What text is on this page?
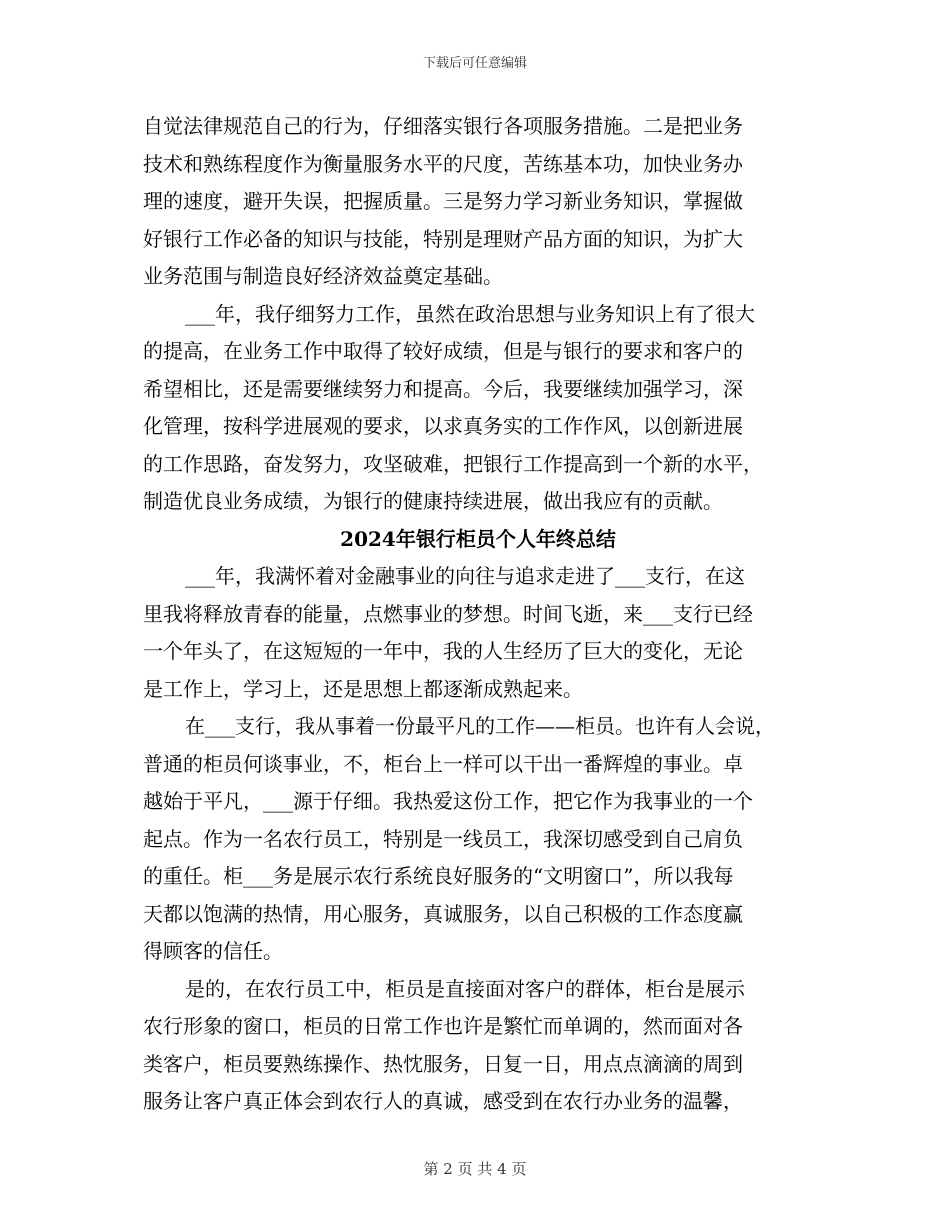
下载后可任意编辑
自觉法律规范自己的行为，仔细落实银行各项服务措施。二是把业务
技术和熟练程度作为衡量服务水平的尺度，苦练基本功，加快业务办
理的速度，避开失误，把握质量。三是努力学习新业务知识，掌握做
好银行工作必备的知识与技能，特别是理财产品方面的知识，为扩大
业务范围与制造良好经济效益奠定基础。
___年，我仔细努力工作，虽然在政治思想与业务知识上有了很大
的提高，在业务工作中取得了较好成绩，但是与银行的要求和客户的
希望相比，还是需要继续努力和提高。今后，我要继续加强学习，深
化管理，按科学进展观的要求，以求真务实的工作作风，以创新进展
的工作思路，奋发努力，攻坚破难，把银行工作提高到一个新的水平，
制造优良业务成绩，为银行的健康持续进展，做出我应有的贡献。
2024年银行柜员个人年终总结
___年，我满怀着对金融事业的向往与追求走进了___支行，在这
里我将释放青春的能量，点燃事业的梦想。时间飞逝，来___支行已经
一个年头了，在这短短的一年中，我的人生经历了巨大的变化，无论
是工作上，学习上，还是思想上都逐渐成熟起来。
在___支行，我从事着一份最平凡的工作——柜员。也许有人会说，
普通的柜员何谈事业，不，柜台上一样可以干出一番辉煌的事业。卓
越始于平凡，___源于仔细。我热爱这份工作，把它作为我事业的一个
起点。作为一名农行员工，特别是一线员工，我深切感受到自己肩负
的重任。柜___务是展示农行系统良好服务的“文明窗口”，所以我每
天都以饱满的热情，用心服务，真诚服务，以自己积极的工作态度赢
得顾客的信任。
是的，在农行员工中，柜员是直接面对客户的群体，柜台是展示
农行形象的窗口，柜员的日常工作也许是繁忙而单调的，然而面对各
类客户，柜员要熟练操作、热忱服务，日复一日，用点点滴滴的周到
服务让客户真正体会到农行人的真诚，感受到在农行办业务的温馨，
第 2 页 共 4 页
